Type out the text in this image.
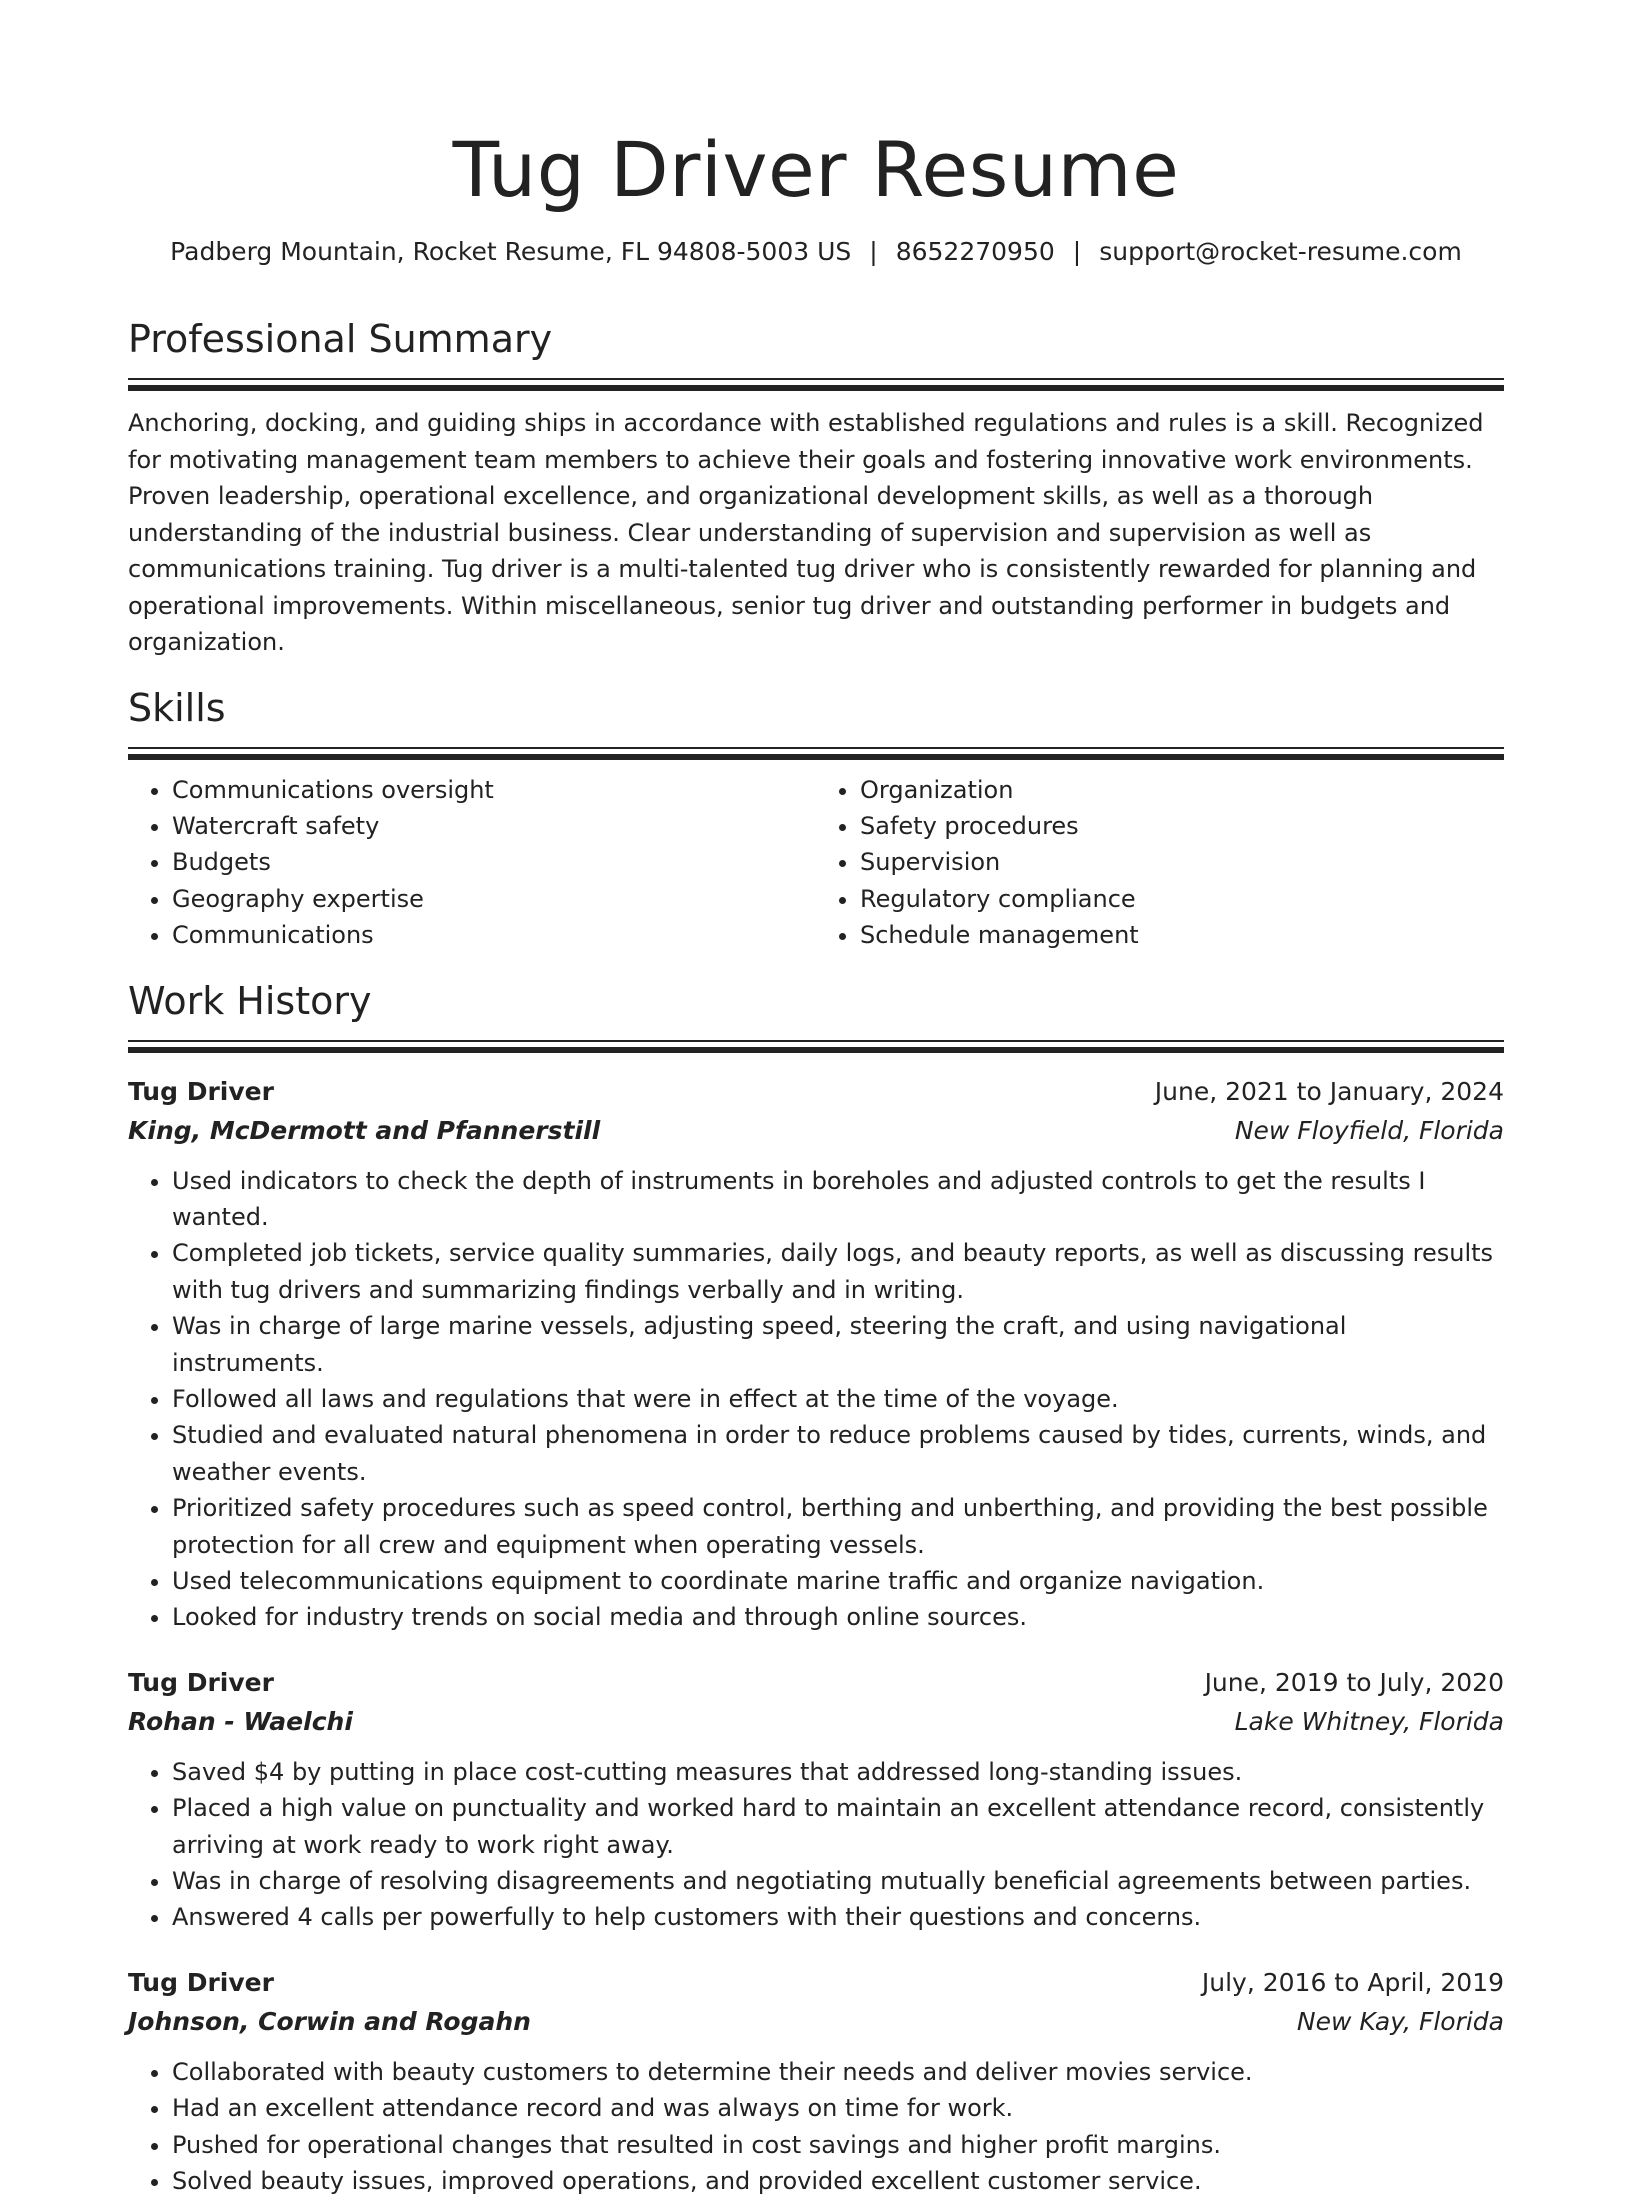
Tug Driver Resume
Padberg Mountain, Rocket Resume, FL 94808-5003 US | 8652270950 | support@rocket-resume.com
Professional Summary

Anchoring, docking, and guiding ships in accordance with established regulations and rules is a skill. Recognized for motivating management team members to achieve their goals and fostering innovative work environments. Proven leadership, operational excellence, and organizational development skills, as well as a thorough understanding of the industrial business. Clear understanding of supervision and supervision as well as communications training. Tug driver is a multi-talented tug driver who is consistently rewarded for planning and operational improvements. Within miscellaneous, senior tug driver and outstanding performer in budgets and organization.

Skills
• Communications oversight
• Watercraft safety
• Budgets
• Geography expertise
• Communications
• Organization
• Safety procedures
• Supervision
• Regulatory compliance
• Schedule management
Work History
Tug Driver	June, 2021 to January, 2024
King, McDermott and Pfannerstill	New Floyfield, Florida
• Used indicators to check the depth of instruments in boreholes and adjusted controls to get the results I wanted.
• Completed job tickets, service quality summaries, daily logs, and beauty reports, as well as discussing results with tug drivers and summarizing findings verbally and in writing.
• Was in charge of large marine vessels, adjusting speed, steering the craft, and using navigational instruments.
• Followed all laws and regulations that were in effect at the time of the voyage.
• Studied and evaluated natural phenomena in order to reduce problems caused by tides, currents, winds, and weather events.
• Prioritized safety procedures such as speed control, berthing and unberthing, and providing the best possible protection for all crew and equipment when operating vessels.
• Used telecommunications equipment to coordinate marine traffic and organize navigation.
• Looked for industry trends on social media and through online sources.
Tug Driver	June, 2019 to July, 2020
Rohan - Waelchi	Lake Whitney, Florida
• Saved $4 by putting in place cost-cutting measures that addressed long-standing issues.
• Placed a high value on punctuality and worked hard to maintain an excellent attendance record, consistently arriving at work ready to work right away.
• Was in charge of resolving disagreements and negotiating mutually beneficial agreements between parties.
• Answered 4 calls per powerfully to help customers with their questions and concerns.
Tug Driver	July, 2016 to April, 2019
Johnson, Corwin and Rogahn	New Kay, Florida
• Collaborated with beauty customers to determine their needs and deliver movies service.
• Had an excellent attendance record and was always on time for work.
• Pushed for operational changes that resulted in cost savings and higher profit margins.
• Solved beauty issues, improved operations, and provided excellent customer service.
